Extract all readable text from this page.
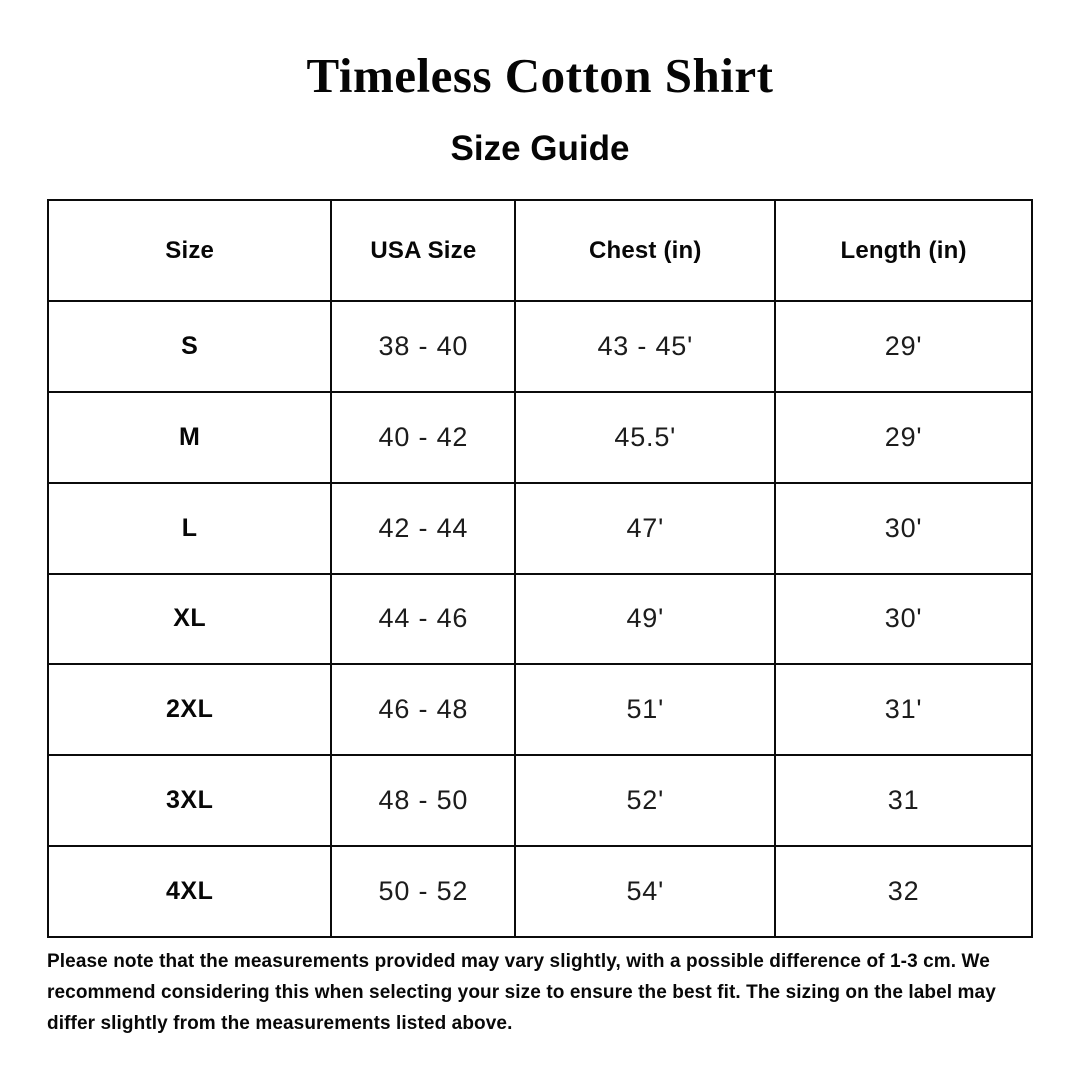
Timeless Cotton Shirt
Size Guide
Size	USA Size	Chest (in)	Length (in)
S	38 - 40	43 - 45'	29'
M	40 - 42	45.5'	29'
L	42 - 44	47'	30'
XL	44 - 46	49'	30'
2XL	46 - 48	51'	31'
3XL	48 - 50	52'	31
4XL	50 - 52	54'	32

Please note that the measurements provided may vary slightly, with a possible difference of 1-3 cm. We recommend considering this when selecting your size to ensure the best fit. The sizing on the label may differ slightly from the measurements listed above.
